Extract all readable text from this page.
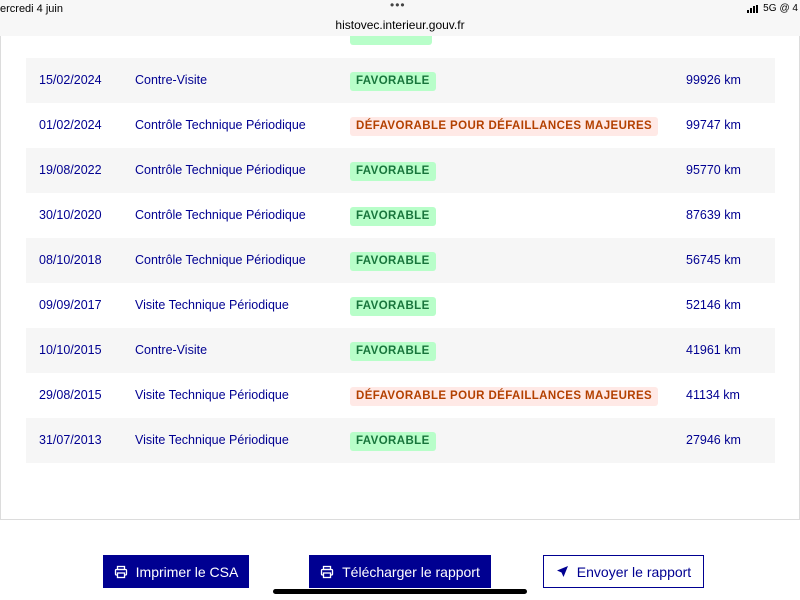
ercredi 4 juin	•••
histovec.interieur.gouv.fr
5G @ 4
15/02/2024	Contre-Visite	FAVORABLE	99926 km
01/02/2024	Contrôle Technique Périodique	DÉFAVORABLE POUR DÉFAILLANCES MAJEURES	99747 km
19/08/2022	Contrôle Technique Périodique	FAVORABLE	95770 km
30/10/2020	Contrôle Technique Périodique	FAVORABLE	87639 km
08/10/2018	Contrôle Technique Périodique	FAVORABLE	56745 km
09/09/2017	Visite Technique Périodique	FAVORABLE	52146 km
10/10/2015	Contre-Visite	FAVORABLE	41961 km
29/08/2015	Visite Technique Périodique	DÉFAVORABLE POUR DÉFAILLANCES MAJEURES	41134 km
31/07/2013	Visite Technique Périodique	FAVORABLE	27946 km
Imprimer le CSA	Télécharger le rapport	Envoyer le rapport
